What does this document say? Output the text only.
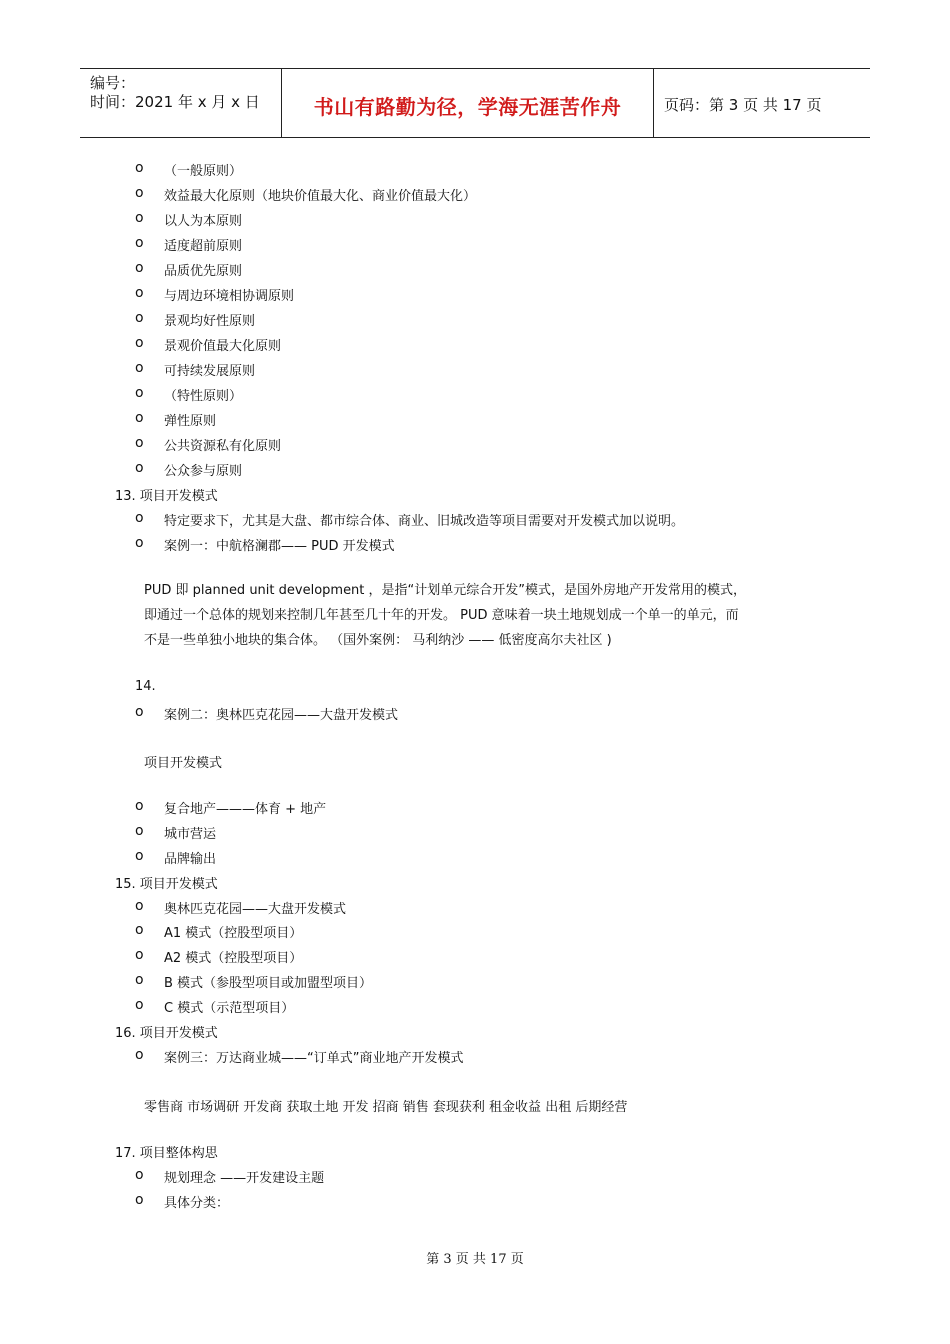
编号：
时间：2021 年 x 月 x 日	书山有路勤为径，学海无涯苦作舟	页码：第 3 页 共 17 页
o （一般原则）
o 效益最大化原则（地块价值最大化、商业价值最大化）
o 以人为本原则
o 适度超前原则
o 品质优先原则
o 与周边环境相协调原则
o 景观均好性原则
o 景观价值最大化原则
o 可持续发展原则
o （特性原则）
o 弹性原则
o 公共资源私有化原则
o 公众参与原则
13. 项目开发模式
o 特定要求下，尤其是大盘、都市综合体、商业、旧城改造等项目需要对开发模式加以说明。
o 案例一：中航格澜郡—— PUD 开发模式
PUD 即 planned unit development ，是指“计划单元综合开发”模式，是国外房地产开发常用的模式，
即通过一个总体的规划来控制几年甚至几十年的开发。 PUD 意味着一块土地规划成一个单一的单元，而
不是一些单独小地块的集合体。 （国外案例： 马利纳沙 —— 低密度高尔夫社区 )
14.
o 案例二：奥林匹克花园——大盘开发模式
项目开发模式
o 复合地产———体育 + 地产
o 城市营运
o 品牌输出
15. 项目开发模式
o 奥林匹克花园——大盘开发模式
o A1 模式（控股型项目）
o A2 模式（控股型项目）
o B 模式（参股型项目或加盟型项目）
o C 模式（示范型项目）
16. 项目开发模式
o 案例三：万达商业城——“订单式”商业地产开发模式
零售商 市场调研 开发商 获取土地 开发 招商 销售 套现获利 租金收益 出租 后期经营
17. 项目整体构思
o 规划理念 ——开发建设主题
o 具体分类：
第 3 页 共 17 页
